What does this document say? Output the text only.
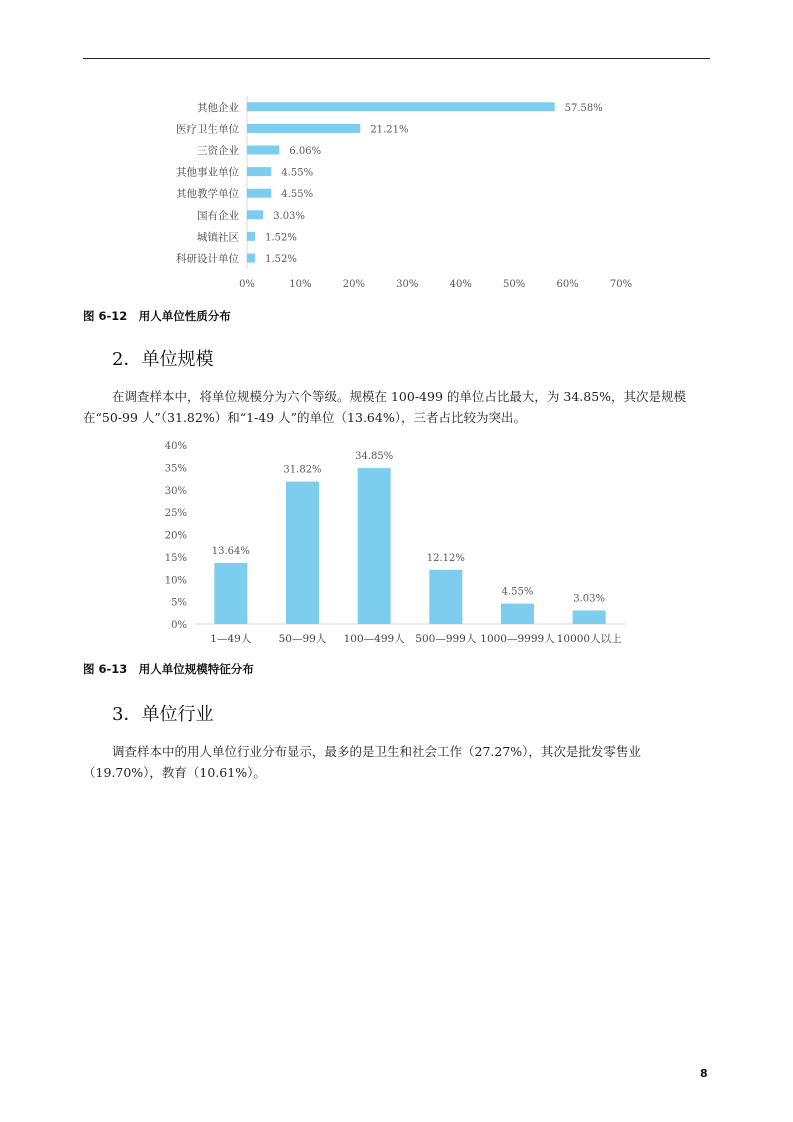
其他企业	57.58%
医疗卫生单位	21.21%
三资企业	6.06%
其他事业单位	4.55%
其他教学单位	4.55%
国有企业	3.03%
城镇社区	1.52%
科研设计单位	1.52%
0%	10%	20%	30%	40%	50%	60%	70%

图 6-12　用人单位性质分布

2．单位规模

在调查样本中，将单位规模分为六个等级。规模在 100-499 的单位占比最大，为 34.85%，其次是规模在“50-99 人”（31.82%）和“1-49 人”的单位（13.64%），三者占比较为突出。

0%
5%
10%
15%
20%
25%
30%
35%
40%
13.64%
1—49人
31.82%
50—99人
34.85%
100—499人
12.12%
500—999人
4.55%
1000—9999人
3.03%
10000人以上

图 6-13　用人单位规模特征分布

3．单位行业

调查样本中的用人单位行业分布显示，最多的是卫生和社会工作（27.27%），其次是批发零售业（19.70%），教育（10.61%）。

8
